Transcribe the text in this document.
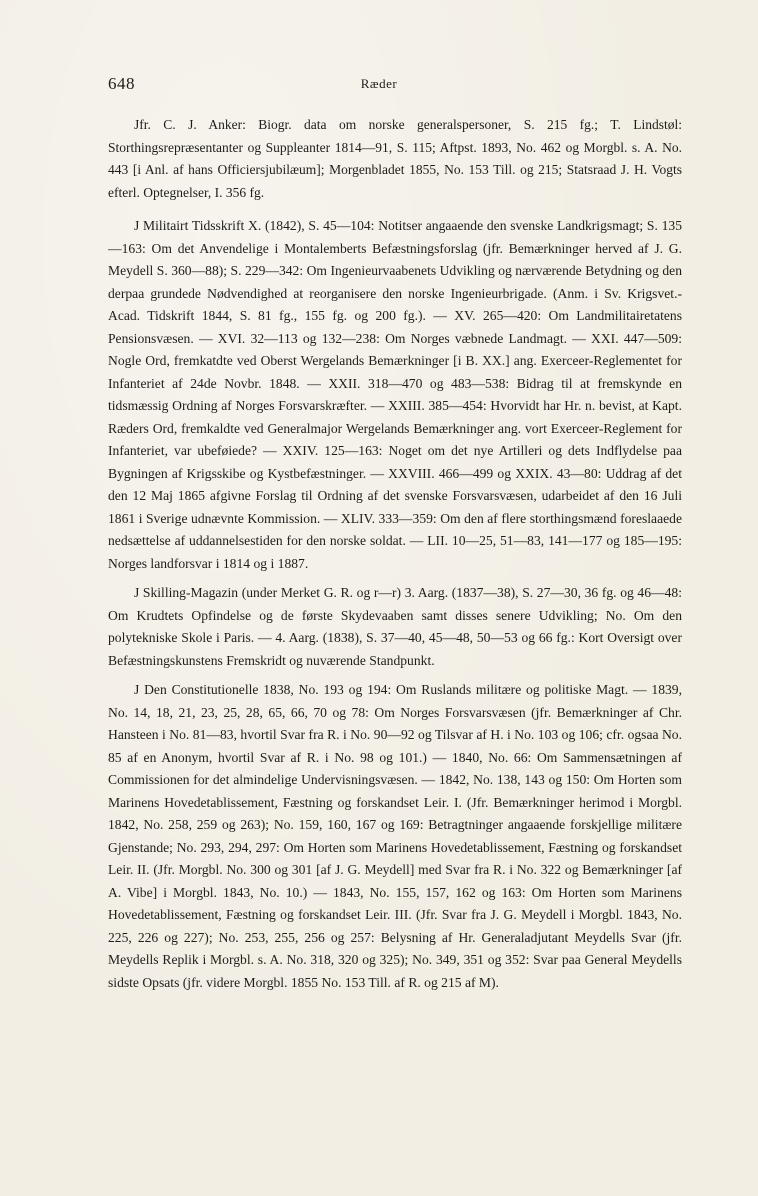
648	Ræder

Jfr. C. J. Anker: Biogr. data om norske generalspersoner, S. 215 fg.; T. Lindstøl: Storthingsrepræsentanter og Suppleanter 1814—91, S. 115; Aftpst. 1893, No. 462 og Morgbl. s. A. No. 443 [i Anl. af hans Officiersjubilæum]; Morgenbladet 1855, No. 153 Till. og 215; Statsraad J. H. Vogts efterl. Optegnelser, I. 356 fg.

J Militairt Tidsskrift X. (1842), S. 45—104: Notitser angaaende den svenske Landkrigsmagt; S. 135—163: Om det Anvendelige i Montalemberts Befæstningsforslag (jfr. Bemærkninger herved af J. G. Meydell S. 360—88); S. 229—342: Om Ingenieurvaabenets Udvikling og nærværende Betydning og den derpaa grundede Nødvendighed at reorganisere den norske Ingenieurbrigade. (Anm. i Sv. Krigsvet.-Acad. Tidskrift 1844, S. 81 fg., 155 fg. og 200 fg.). — XV. 265—420: Om Landmilitairetatens Pensionsvæsen. — XVI. 32—113 og 132—238: Om Norges væbnede Landmagt. — XXI. 447—509: Nogle Ord, fremkatdte ved Oberst Wergelands Bemærkninger [i B. XX.] ang. Exerceer-Reglementet for Infanteriet af 24de Novbr. 1848. — XXII. 318—470 og 483—538: Bidrag til at fremskynde en tidsmæssig Ordning af Norges Forsvarskræfter. — XXIII. 385—454: Hvorvidt har Hr. n. bevist, at Kapt. Ræders Ord, fremkaldte ved Generalmajor Wergelands Bemærkninger ang. vort Exerceer-Reglement for Infanteriet, var ubeføiede? — XXIV. 125—163: Noget om det nye Artilleri og dets Indflydelse paa Bygningen af Krigsskibe og Kystbefæstninger. — XXVIII. 466—499 og XXIX. 43—80: Uddrag af det den 12 Maj 1865 afgivne Forslag til Ordning af det svenske Forsvarsvæsen, udarbeidet af den 16 Juli 1861 i Sverige udnævnte Kommission. — XLIV. 333—359: Om den af flere storthingsmænd foreslaaede nedsættelse af uddannelsestiden for den norske soldat. — LII. 10—25, 51—83, 141—177 og 185—195: Norges landforsvar i 1814 og i 1887.

J Skilling-Magazin (under Merket G. R. og r—r) 3. Aarg. (1837—38), S. 27—30, 36 fg. og 46—48: Om Krudtets Opfindelse og de første Skydevaaben samt disses senere Udvikling; No. Om den polytekniske Skole i Paris. — 4. Aarg. (1838), S. 37—40, 45—48, 50—53 og 66 fg.: Kort Oversigt over Befæstningskunstens Fremskridt og nuværende Standpunkt.

J Den Constitutionelle 1838, No. 193 og 194: Om Ruslands militære og politiske Magt. — 1839, No. 14, 18, 21, 23, 25, 28, 65, 66, 70 og 78: Om Norges Forsvarsvæsen (jfr. Bemærkninger af Chr. Hansteen i No. 81—83, hvortil Svar fra R. i No. 90—92 og Tilsvar af H. i No. 103 og 106; cfr. ogsaa No. 85 af en Anonym, hvortil Svar af R. i No. 98 og 101.) — 1840, No. 66: Om Sammensætningen af Commissionen for det almindelige Undervisningsvæsen. — 1842, No. 138, 143 og 150: Om Horten som Marinens Hovedetablissement, Fæstning og forskandset Leir. I. (Jfr. Bemærkninger herimod i Morgbl. 1842, No. 258, 259 og 263); No. 159, 160, 167 og 169: Betragtninger angaaende forskjellige militære Gjenstande; No. 293, 294, 297: Om Horten som Marinens Hovedetablissement, Fæstning og forskandset Leir. II. (Jfr. Morgbl. No. 300 og 301 [af J. G. Meydell] med Svar fra R. i No. 322 og Bemærkninger [af A. Vibe] i Morgbl. 1843, No. 10.) — 1843, No. 155, 157, 162 og 163: Om Horten som Marinens Hovedetablissement, Fæstning og forskandset Leir. III. (Jfr. Svar fra J. G. Meydell i Morgbl. 1843, No. 225, 226 og 227); No. 253, 255, 256 og 257: Belysning af Hr. Generaladjutant Meydells Svar (jfr. Meydells Replik i Morgbl. s. A. No. 318, 320 og 325); No. 349, 351 og 352: Svar paa General Meydells sidste Opsats (jfr. videre Morgbl. 1855 No. 153 Till. af R. og 215 af M).
